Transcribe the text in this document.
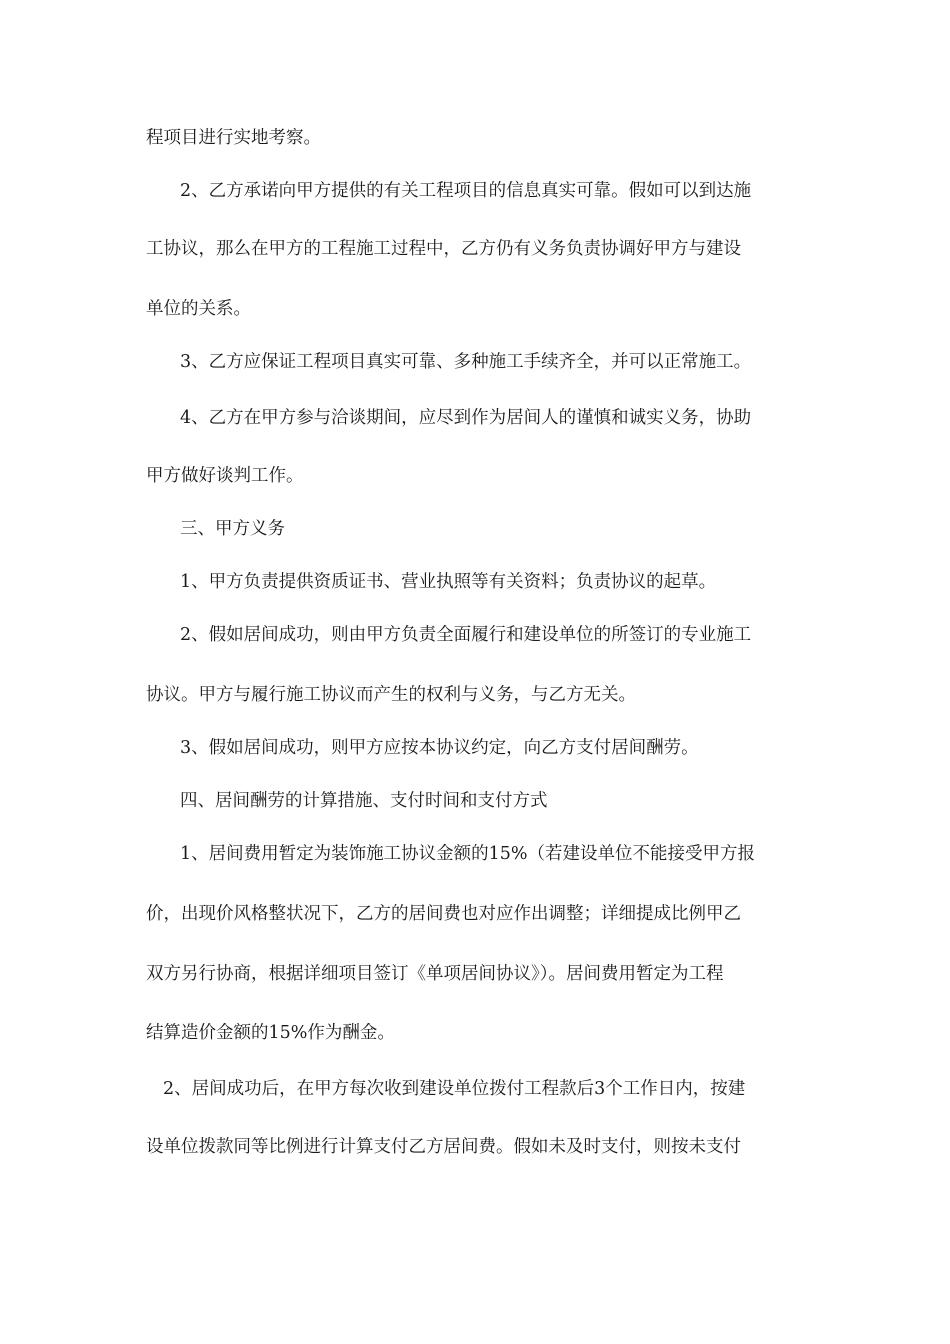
程项目进行实地考察。
2、乙方承诺向甲方提供的有关工程项目的信息真实可靠。假如可以到达施
工协议，那么在甲方的工程施工过程中，乙方仍有义务负责协调好甲方与建设
单位的关系。
3、乙方应保证工程项目真实可靠、多种施工手续齐全，并可以正常施工。
4、乙方在甲方参与洽谈期间，应尽到作为居间人的谨慎和诚实义务，协助
甲方做好谈判工作。
三、甲方义务
1、甲方负责提供资质证书、营业执照等有关资料；负责协议的起草。
2、假如居间成功，则由甲方负责全面履行和建设单位的所签订的专业施工
协议。甲方与履行施工协议而产生的权利与义务，与乙方无关。
3、假如居间成功，则甲方应按本协议约定，向乙方支付居间酬劳。
四、居间酬劳的计算措施、支付时间和支付方式
1、居间费用暂定为装饰施工协议金额的15%（若建设单位不能接受甲方报
价，出现价风格整状况下，乙方的居间费也对应作出调整；详细提成比例甲乙
双方另行协商，根据详细项目签订《单项居间协议》）。居间费用暂定为工程
结算造价金额的15%作为酬金。
2、居间成功后，在甲方每次收到建设单位拨付工程款后3个工作日内，按建
设单位拨款同等比例进行计算支付乙方居间费。假如未及时支付，则按未支付
